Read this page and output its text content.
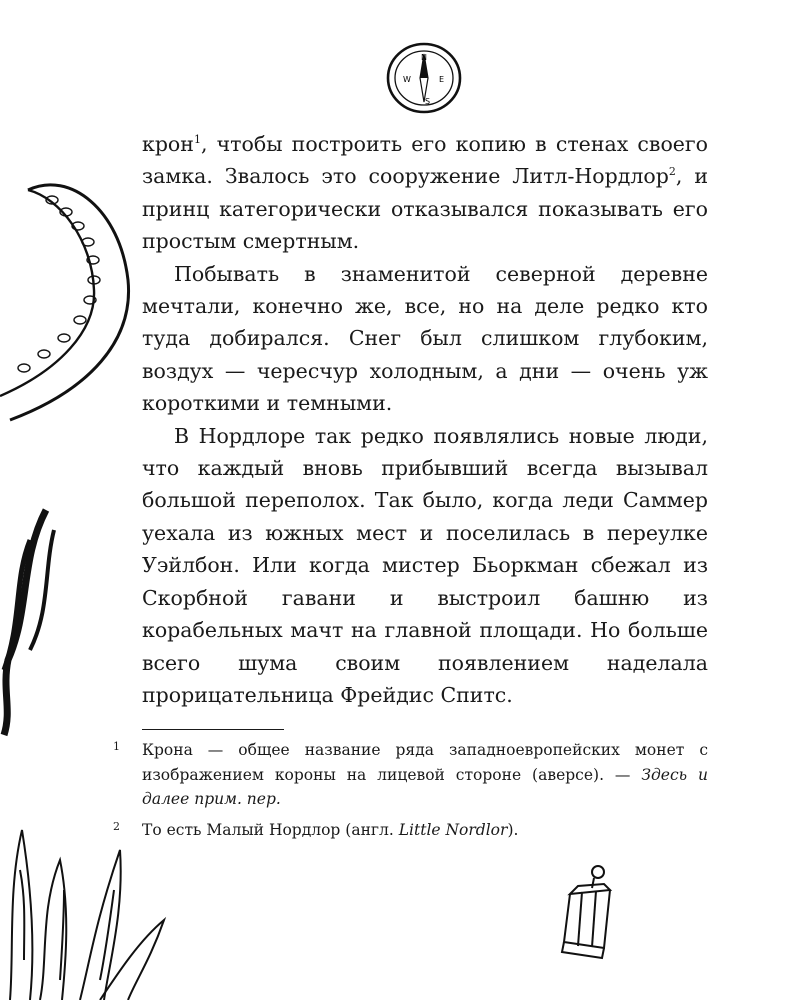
N
E
S
W

крон$^1$, чтобы построить его копию в стенах своего замка. Звалось это сооружение Литл-Нордлор$^2$, и принц категорически отказывался показывать его простым смертным.

Побывать в знаменитой северной деревне мечтали, конечно же, все, но на деле редко кто туда добирался. Снег был слишком глубоким, воздух — чересчур холодным, а дни — очень уж короткими и темными.

В Нордлоре так редко появлялись новые люди, что каждый вновь прибывший всегда вызывал большой переполох. Так было, когда леди Саммер уехала из южных мест и поселилась в переулке Уэйлбон. Или когда мистер Бьоркман сбежал из Скорбной гавани и выстроил башню из корабельных мачт на главной площади. Но больше всего шума своим появлением наделала прорицательница Фрейдис Спитс.

1 Крона — общее название ряда западноевропейских монет с изображением короны на лицевой стороне (аверсе). — Здесь и далее прим. пер.
2 То есть Малый Нордлор (англ. Little Nordlor).
